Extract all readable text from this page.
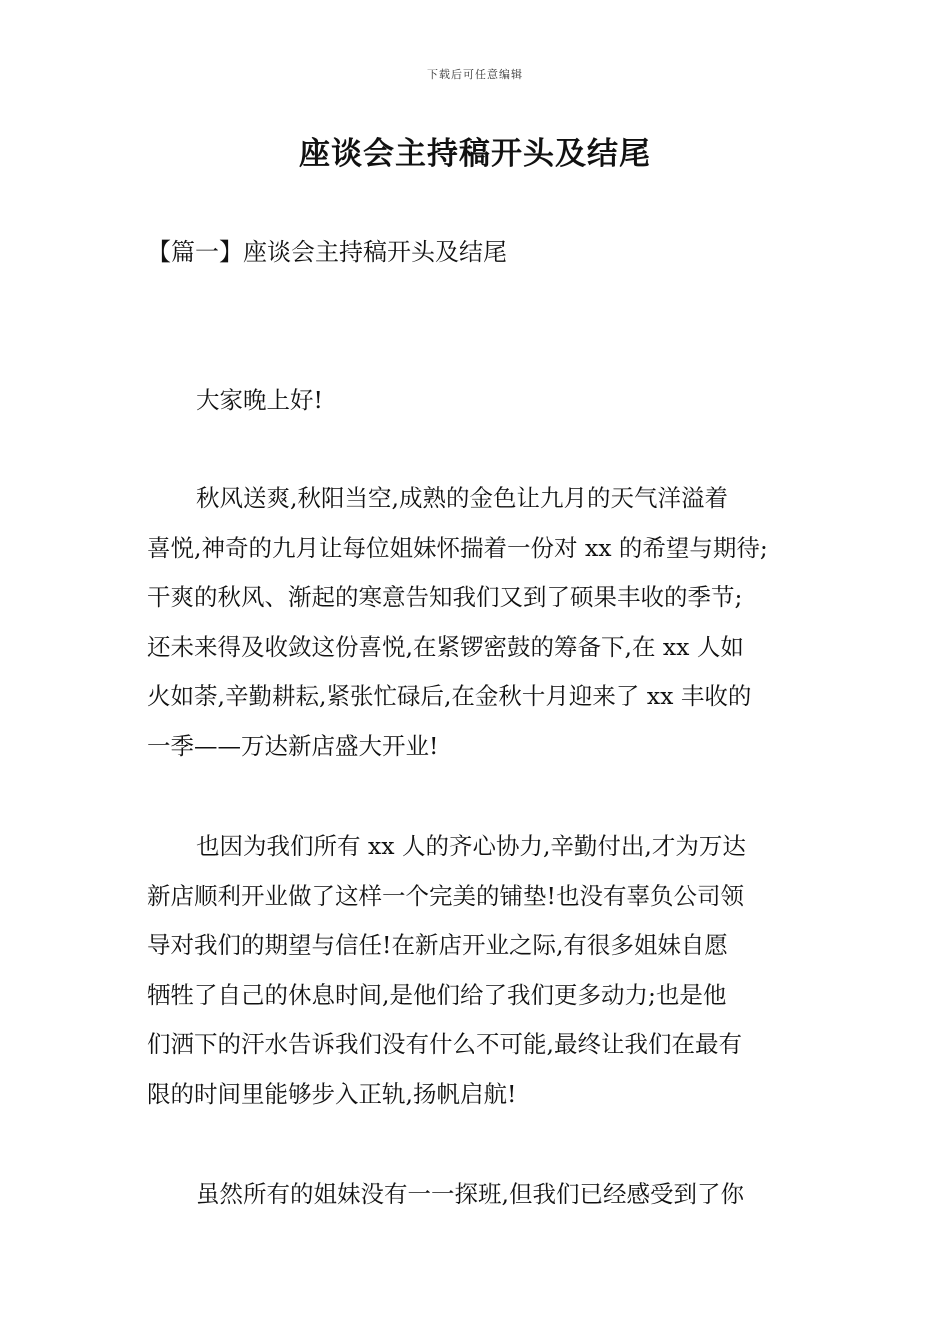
下载后可任意编辑
座谈会主持稿开头及结尾
【篇一】座谈会主持稿开头及结尾

大家晚上好!

秋风送爽,秋阳当空,成熟的金色让九月的天气洋溢着
喜悦,神奇的九月让每位姐妹怀揣着一份对 xx 的希望与期待;
干爽的秋风、渐起的寒意告知我们又到了硕果丰收的季节;
还未来得及收敛这份喜悦,在紧锣密鼓的筹备下,在 xx 人如
火如荼,辛勤耕耘,紧张忙碌后,在金秋十月迎来了 xx 丰收的
一季——万达新店盛大开业!

也因为我们所有 xx 人的齐心协力,辛勤付出,才为万达
新店顺利开业做了这样一个完美的铺垫!也没有辜负公司领
导对我们的期望与信任!在新店开业之际,有很多姐妹自愿
牺牲了自己的休息时间,是他们给了我们更多动力;也是他
们洒下的汗水告诉我们没有什么不可能,最终让我们在最有
限的时间里能够步入正轨,扬帆启航!

虽然所有的姐妹没有一一探班,但我们已经感受到了你
